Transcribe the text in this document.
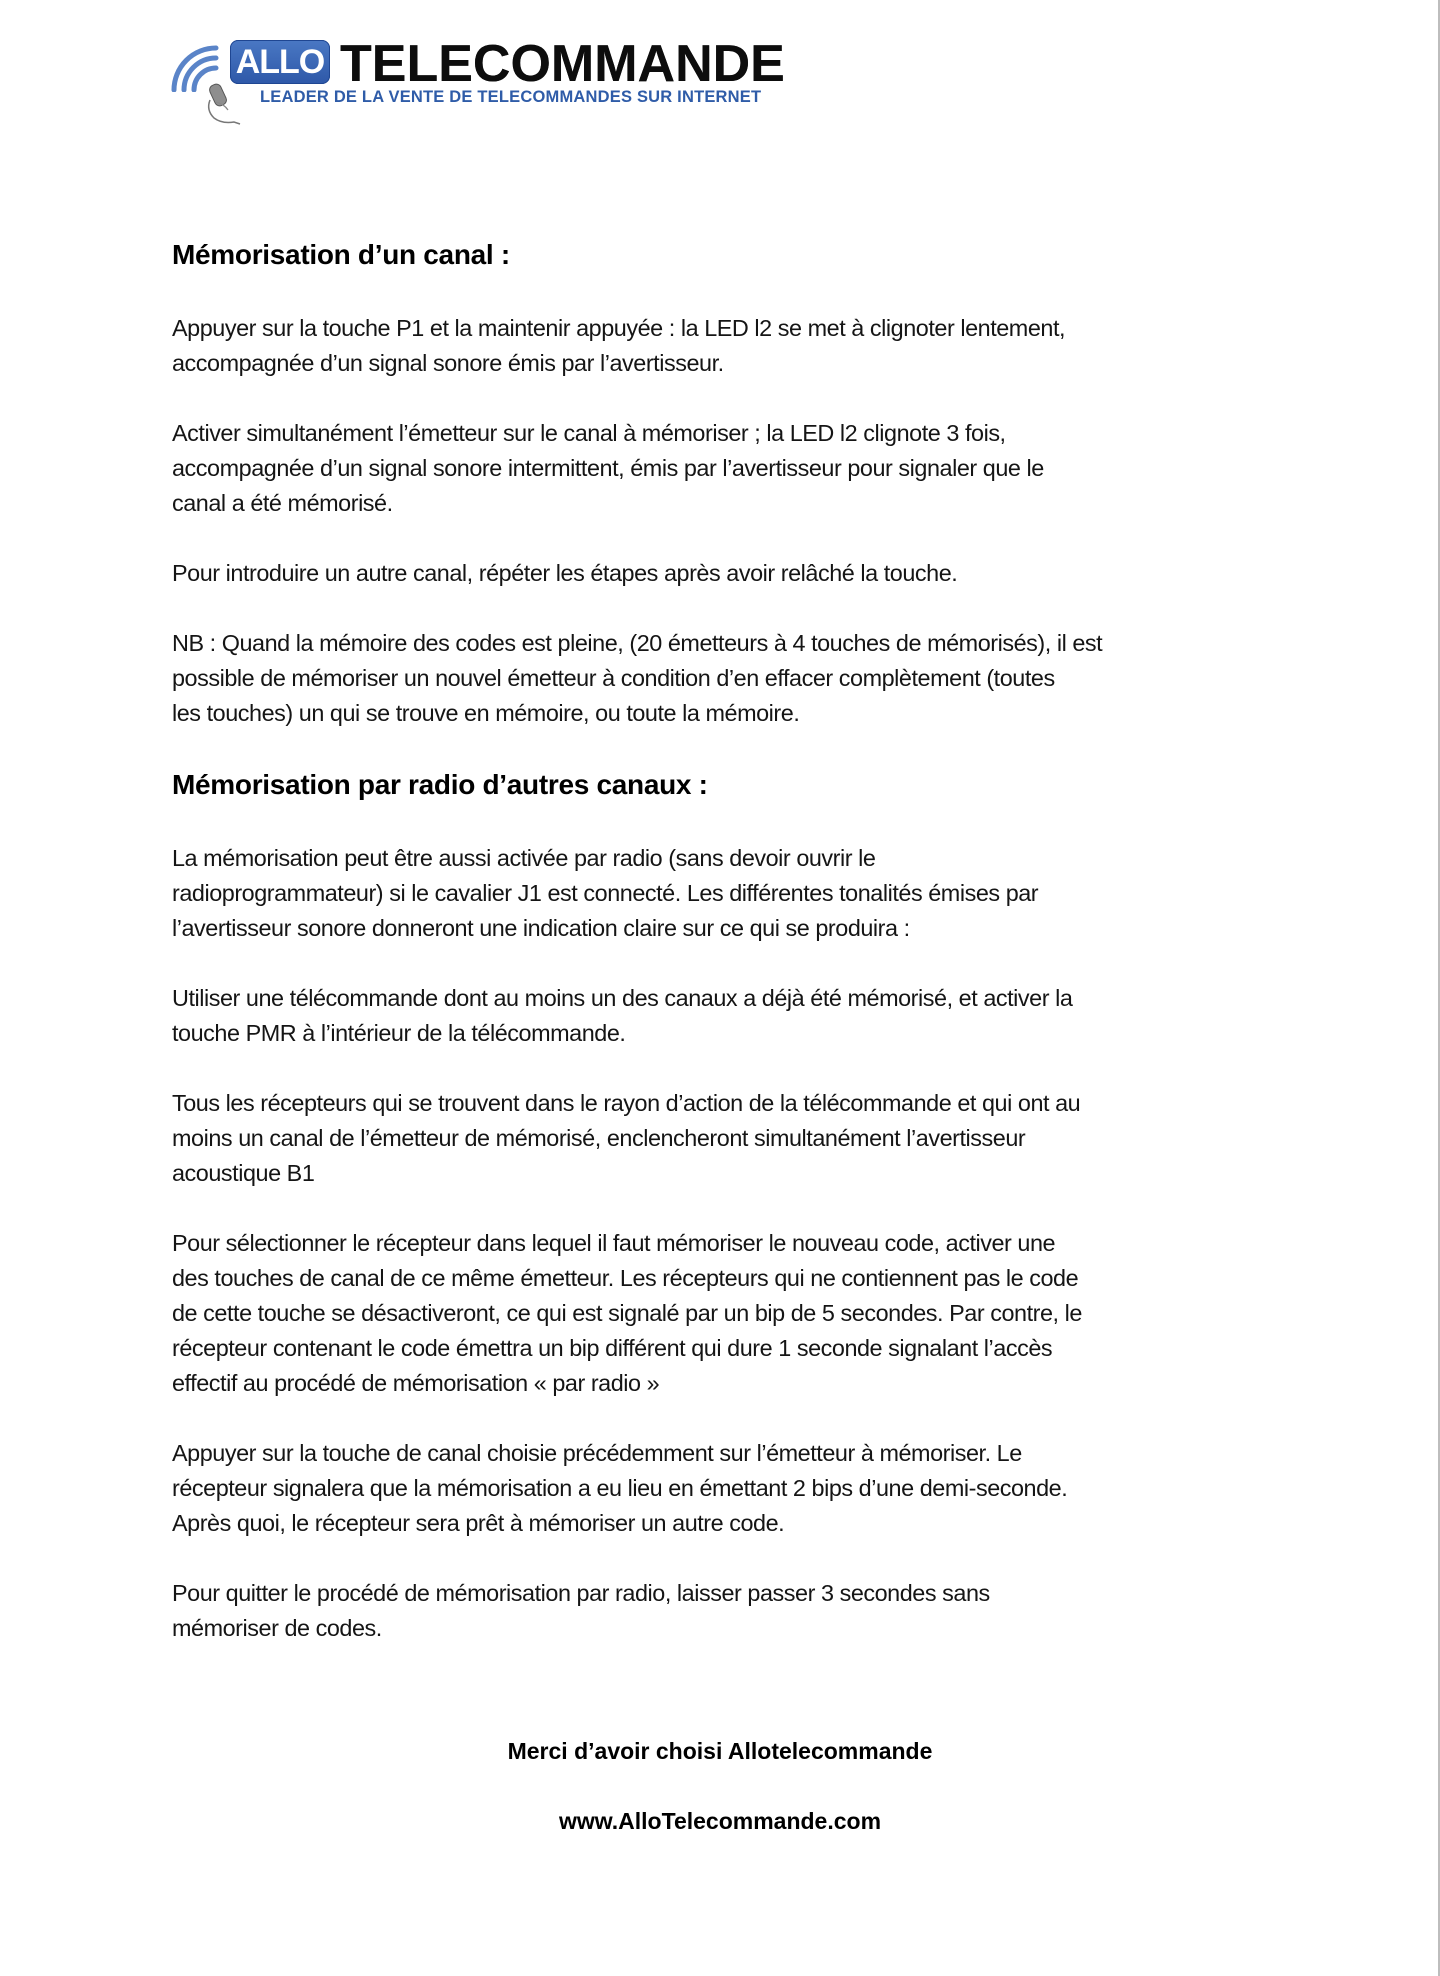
ALLO TELECOMMANDE
LEADER DE LA VENTE DE TELECOMMANDES SUR INTERNET
Mémorisation d’un canal :
Appuyer sur la touche P1 et la maintenir appuyée : la LED l2 se met à clignoter lentement,
accompagnée d’un signal sonore émis par l’avertisseur.
Activer simultanément l’émetteur sur le canal à mémoriser ; la LED l2 clignote 3 fois,
accompagnée d’un signal sonore intermittent, émis par l’avertisseur pour signaler que le
canal a été mémorisé.
Pour introduire un autre canal, répéter les étapes après avoir relâché la touche.
NB : Quand la mémoire des codes est pleine, (20 émetteurs à 4 touches de mémorisés), il est
possible de mémoriser un nouvel émetteur à condition d’en effacer complètement (toutes
les touches) un qui se trouve en mémoire, ou toute la mémoire.
Mémorisation par radio d’autres canaux :
La mémorisation peut être aussi activée par radio (sans devoir ouvrir le
radioprogrammateur) si le cavalier J1 est connecté. Les différentes tonalités émises par
l’avertisseur sonore donneront une indication claire sur ce qui se produira :
Utiliser une télécommande dont au moins un des canaux a déjà été mémorisé, et activer la
touche PMR à l’intérieur de la télécommande.
Tous les récepteurs qui se trouvent dans le rayon d’action de la télécommande et qui ont au
moins un canal de l’émetteur de mémorisé, enclencheront simultanément l’avertisseur
acoustique B1
Pour sélectionner le récepteur dans lequel il faut mémoriser le nouveau code, activer une
des touches de canal de ce même émetteur. Les récepteurs qui ne contiennent pas le code
de cette touche se désactiveront, ce qui est signalé par un bip de 5 secondes. Par contre, le
récepteur contenant le code émettra un bip différent qui dure 1 seconde signalant l’accès
effectif au procédé de mémorisation « par radio »
Appuyer sur la touche de canal choisie précédemment sur l’émetteur à mémoriser. Le
récepteur signalera que la mémorisation a eu lieu en émettant 2 bips d’une demi-seconde.
Après quoi, le récepteur sera prêt à mémoriser un autre code.
Pour quitter le procédé de mémorisation par radio, laisser passer 3 secondes sans
mémoriser de codes.
Merci d’avoir choisi Allotelecommande
www.AlloTelecommande.com
